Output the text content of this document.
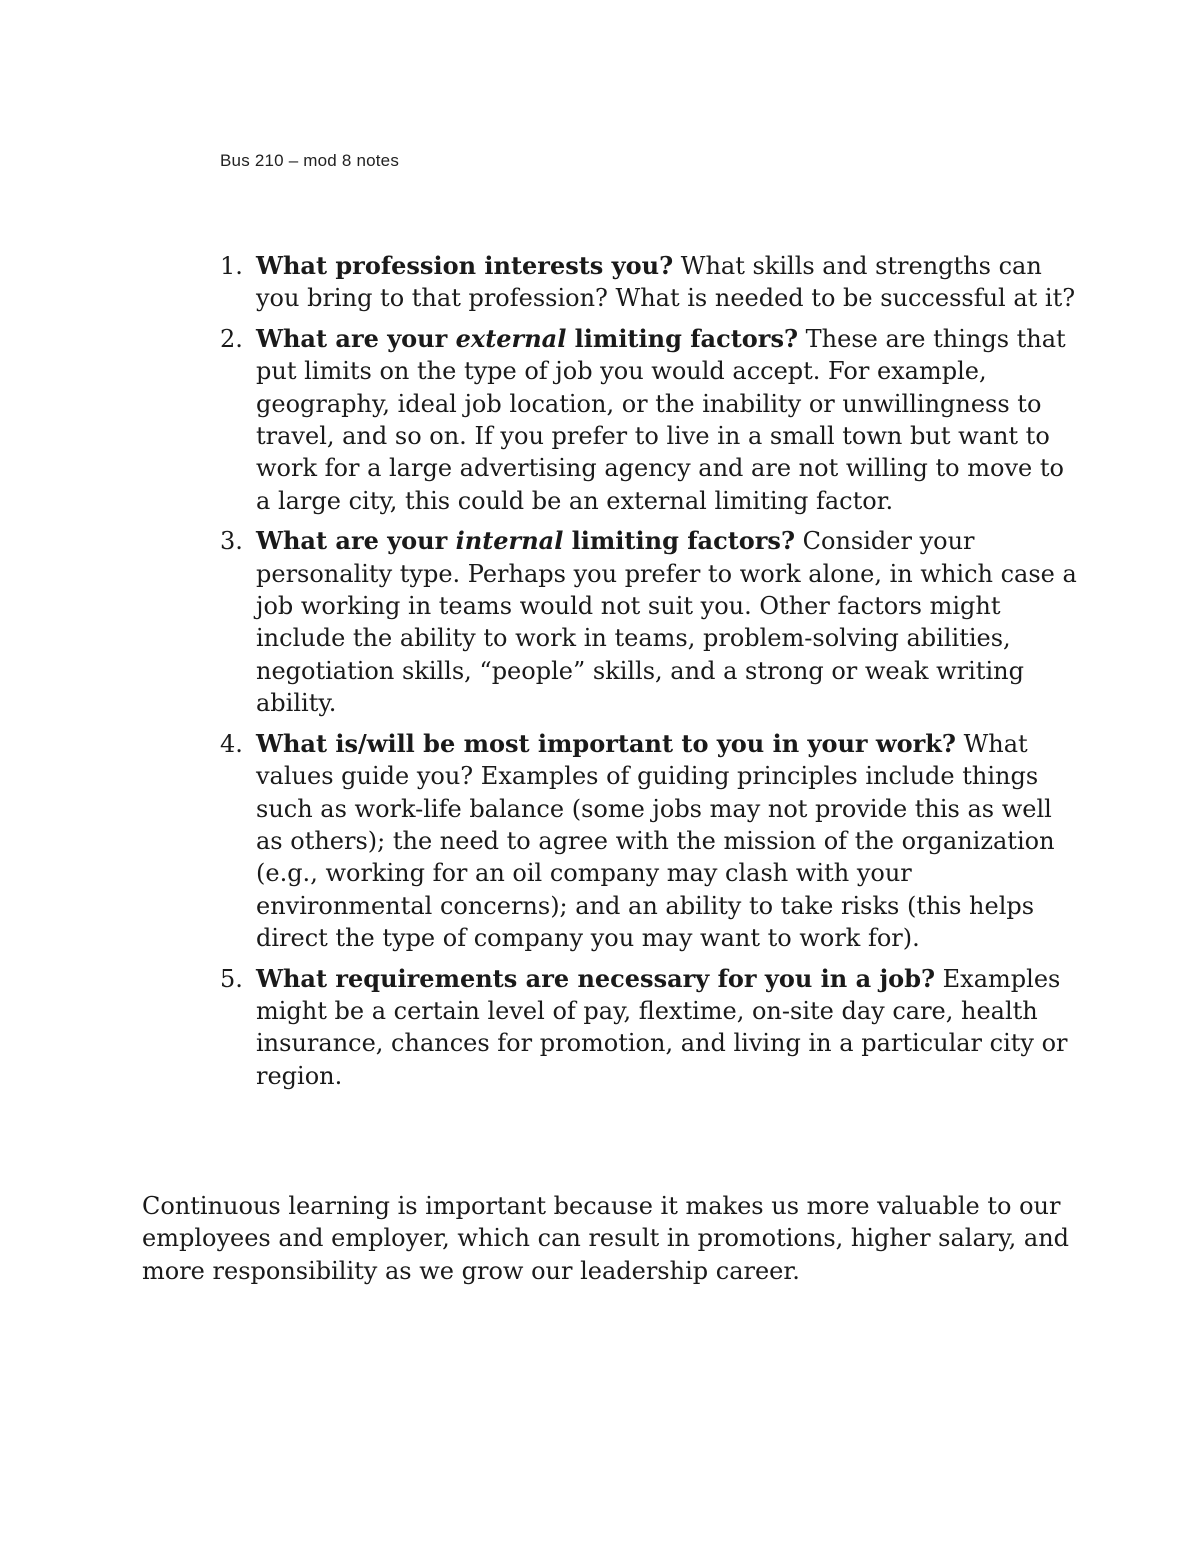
Bus 210 – mod 8 notes
1. What profession interests you? What skills and strengths can you bring to that profession? What is needed to be successful at it?
2. What are your external limiting factors? These are things that put limits on the type of job you would accept. For example, geography, ideal job location, or the inability or unwillingness to travel, and so on. If you prefer to live in a small town but want to work for a large advertising agency and are not willing to move to a large city, this could be an external limiting factor.
3. What are your internal limiting factors? Consider your personality type. Perhaps you prefer to work alone, in which case a job working in teams would not suit you. Other factors might include the ability to work in teams, problem-solving abilities, negotiation skills, “people” skills, and a strong or weak writing ability.
4. What is/will be most important to you in your work? What values guide you? Examples of guiding principles include things such as work-life balance (some jobs may not provide this as well as others); the need to agree with the mission of the organization (e.g., working for an oil company may clash with your environmental concerns); and an ability to take risks (this helps direct the type of company you may want to work for).
5. What requirements are necessary for you in a job? Examples might be a certain level of pay, flextime, on-site day care, health insurance, chances for promotion, and living in a particular city or region.

Continuous learning is important because it makes us more valuable to our employees and employer, which can result in promotions, higher salary, and more responsibility as we grow our leadership career.
